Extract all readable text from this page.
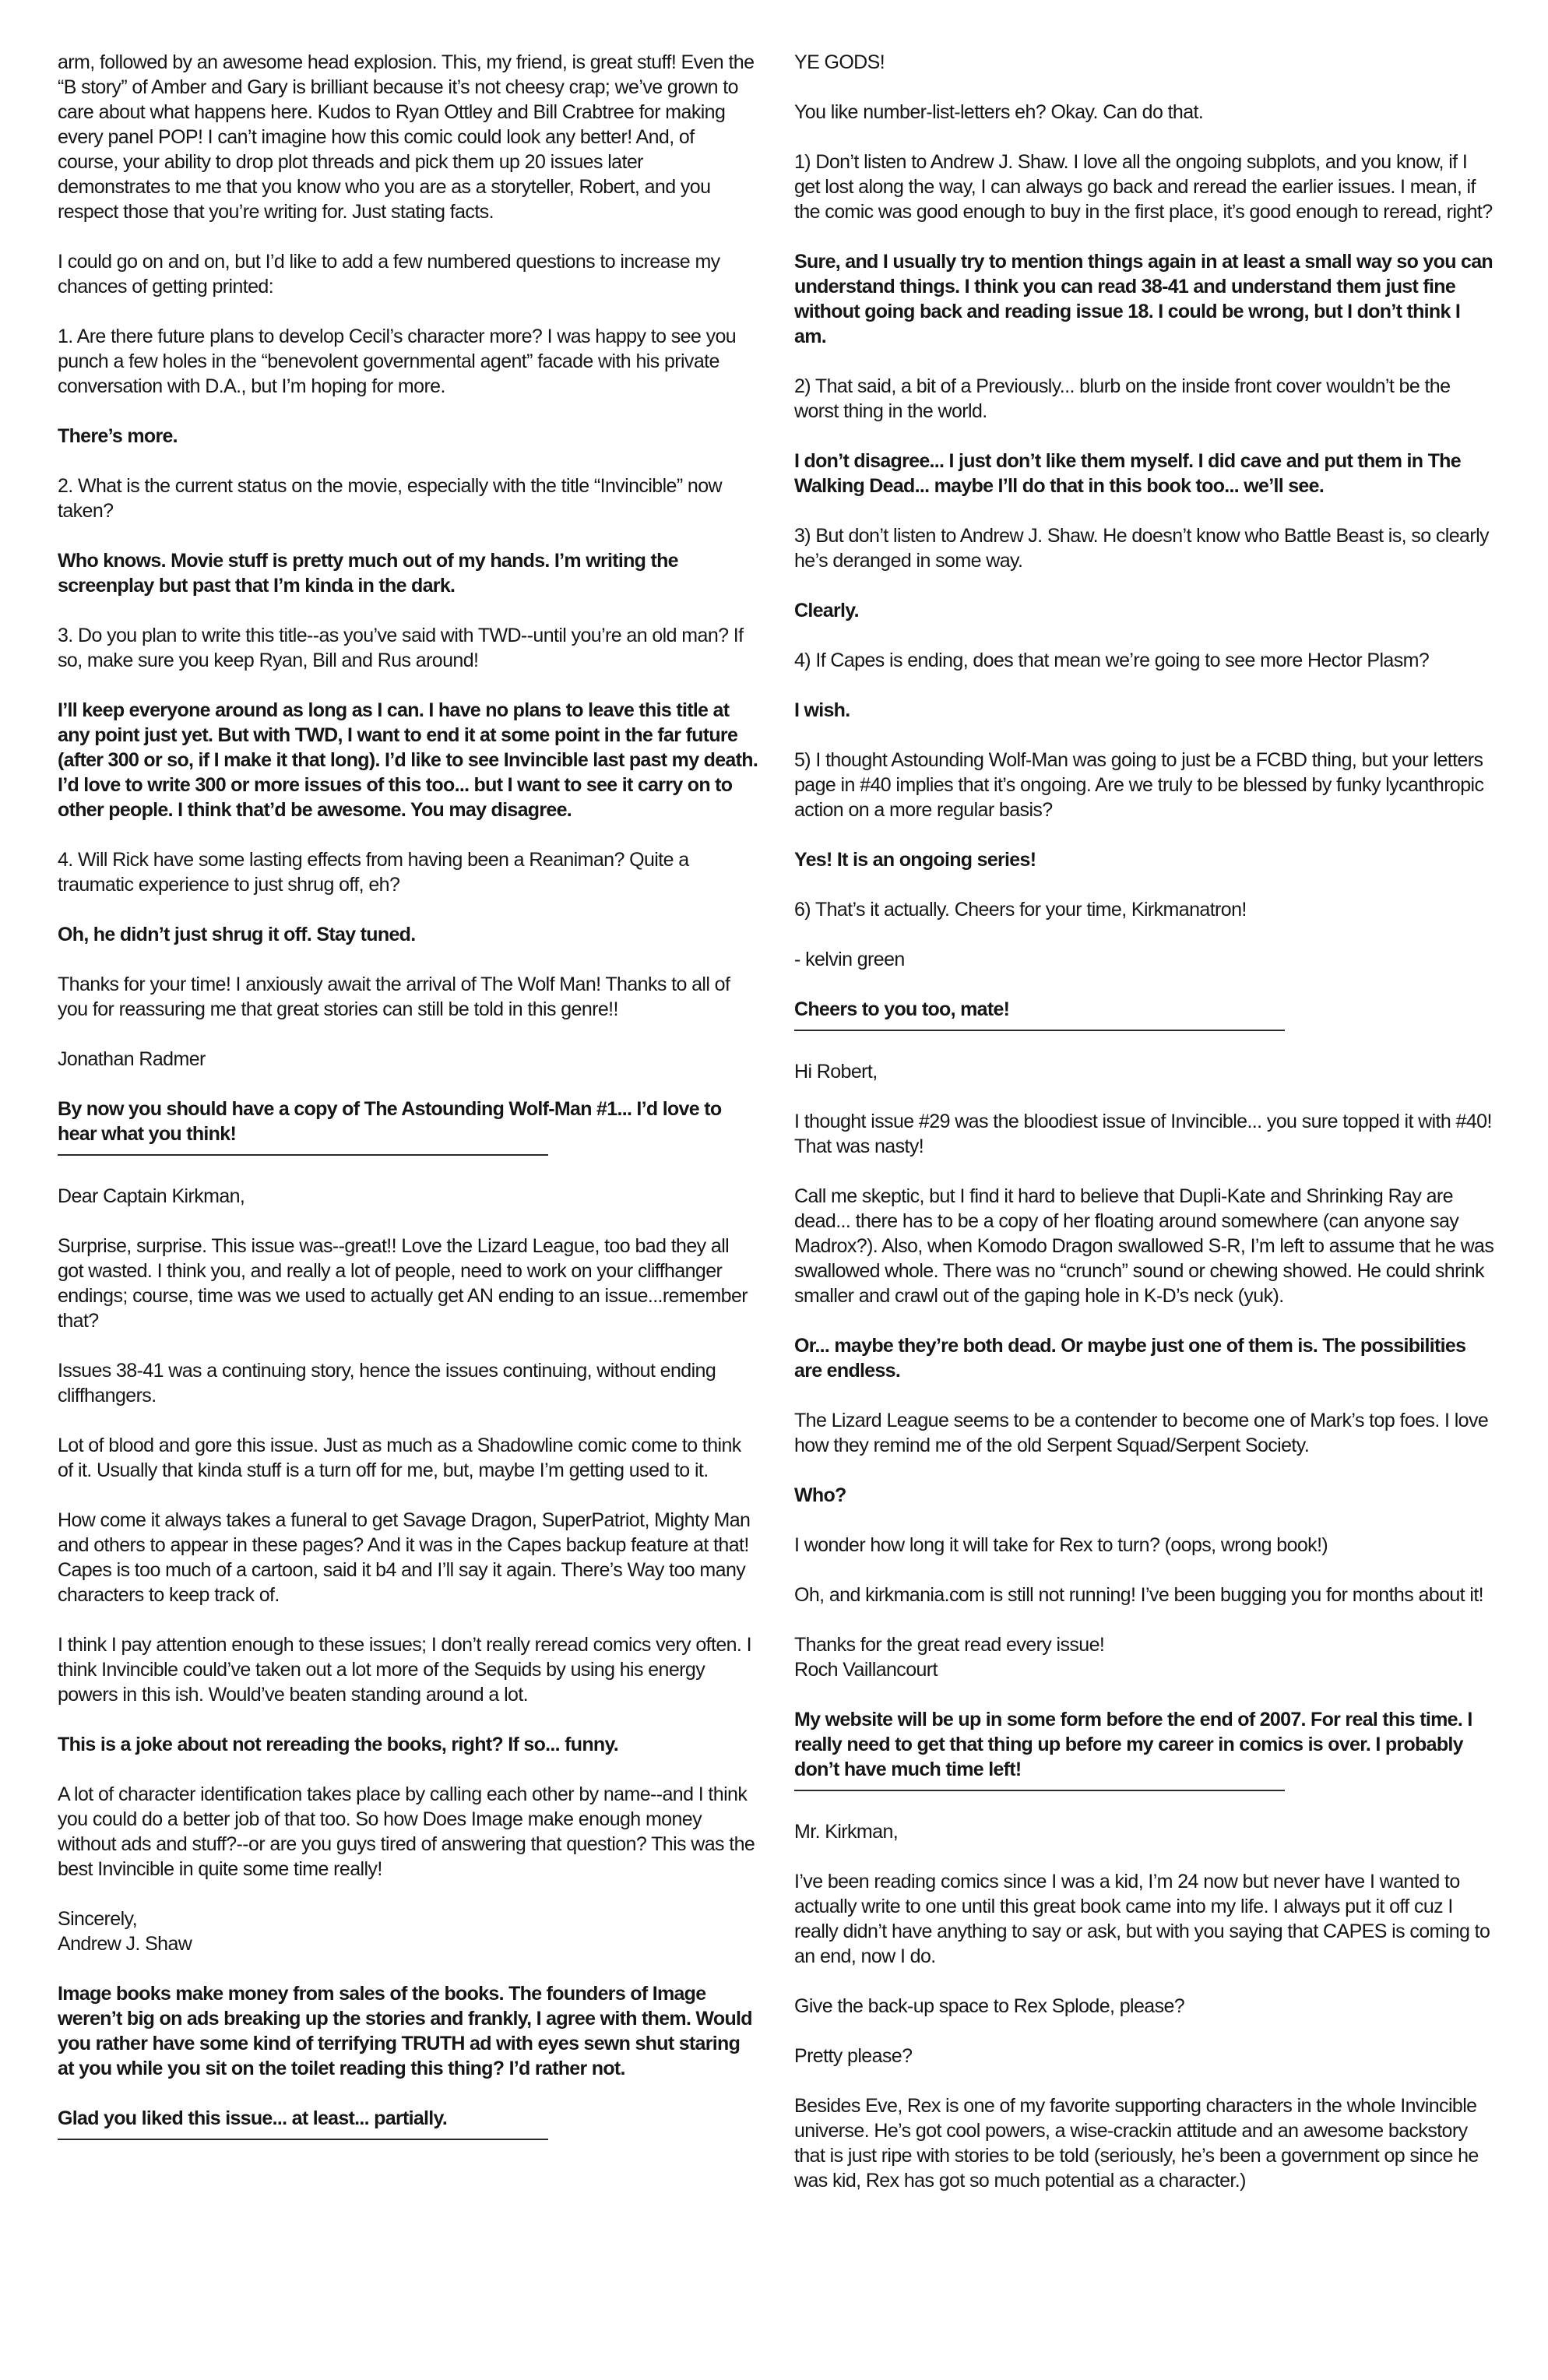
arm, followed by an awesome head explosion. This, my friend, is great stuff! Even the “B story” of Amber and Gary is brilliant because it’s not cheesy crap; we’ve grown to care about what happens here. Kudos to Ryan Ottley and Bill Crabtree for making every panel POP! I can’t imagine how this comic could look any better! And, of course, your ability to drop plot threads and pick them up 20 issues later demonstrates to me that you know who you are as a storyteller, Robert, and you respect those that you’re writing for. Just stating facts.

I could go on and on, but I’d like to add a few numbered questions to increase my chances of getting printed:

1. Are there future plans to develop Cecil’s character more? I was happy to see you punch a few holes in the “benevolent governmental agent” facade with his private conversation with D.A., but I’m hoping for more.

There’s more.

2. What is the current status on the movie, especially with the title “Invincible” now taken?

Who knows. Movie stuff is pretty much out of my hands. I’m writing the screenplay but past that I’m kinda in the dark.

3. Do you plan to write this title--as you’ve said with TWD--until you’re an old man? If so, make sure you keep Ryan, Bill and Rus around!

I’ll keep everyone around as long as I can. I have no plans to leave this title at any point just yet. But with TWD, I want to end it at some point in the far future (after 300 or so, if I make it that long). I’d like to see Invincible last past my death. I’d love to write 300 or more issues of this too... but I want to see it carry on to other people. I think that’d be awesome. You may disagree.

4. Will Rick have some lasting effects from having been a Reaniman? Quite a traumatic experience to just shrug off, eh?

Oh, he didn’t just shrug it off. Stay tuned.

Thanks for your time! I anxiously await the arrival of The Wolf Man! Thanks to all of you for reassuring me that great stories can still be told in this genre!!

Jonathan Radmer

By now you should have a copy of The Astounding Wolf-Man #1... I’d love to hear what you think!

Dear Captain Kirkman,

Surprise, surprise. This issue was--great!! Love the Lizard League, too bad they all got wasted. I think you, and really a lot of people, need to work on your cliffhanger endings; course, time was we used to actually get AN ending to an issue...remember that?

Issues 38-41 was a continuing story, hence the issues continuing, without ending cliffhangers.

Lot of blood and gore this issue. Just as much as a Shadowline comic come to think of it. Usually that kinda stuff is a turn off for me, but, maybe I’m getting used to it.

How come it always takes a funeral to get Savage Dragon, SuperPatriot, Mighty Man and others to appear in these pages? And it was in the Capes backup feature at that! Capes is too much of a cartoon, said it b4 and I’ll say it again. There’s Way too many characters to keep track of.

I think I pay attention enough to these issues; I don’t really reread comics very often. I think Invincible could’ve taken out a lot more of the Sequids by using his energy powers in this ish. Would’ve beaten standing around a lot.

This is a joke about not rereading the books, right? If so... funny.

A lot of character identification takes place by calling each other by name--and I think you could do a better job of that too. So how Does Image make enough money without ads and stuff?--or are you guys tired of answering that question? This was the best Invincible in quite some time really!

Sincerely,
Andrew J. Shaw

Image books make money from sales of the books. The founders of Image weren’t big on ads breaking up the stories and frankly, I agree with them. Would you rather have some kind of terrifying TRUTH ad with eyes sewn shut staring at you while you sit on the toilet reading this thing? I’d rather not.

Glad you liked this issue... at least... partially.

YE GODS!

You like number-list-letters eh? Okay. Can do that.

1) Don’t listen to Andrew J. Shaw. I love all the ongoing subplots, and you know, if I get lost along the way, I can always go back and reread the earlier issues. I mean, if the comic was good enough to buy in the first place, it’s good enough to reread, right?

Sure, and I usually try to mention things again in at least a small way so you can understand things. I think you can read 38-41 and understand them just fine without going back and reading issue 18. I could be wrong, but I don’t think I am.

2) That said, a bit of a Previously... blurb on the inside front cover wouldn’t be the worst thing in the world.

I don’t disagree... I just don’t like them myself. I did cave and put them in The Walking Dead... maybe I’ll do that in this book too... we’ll see.

3) But don’t listen to Andrew J. Shaw. He doesn’t know who Battle Beast is, so clearly he’s deranged in some way.

Clearly.

4) If Capes is ending, does that mean we’re going to see more Hector Plasm?

I wish.

5) I thought Astounding Wolf-Man was going to just be a FCBD thing, but your letters page in #40 implies that it’s ongoing. Are we truly to be blessed by funky lycanthropic action on a more regular basis?

Yes! It is an ongoing series!

6) That’s it actually. Cheers for your time, Kirkmanatron!

- kelvin green

Cheers to you too, mate!

Hi Robert,

I thought issue #29 was the bloodiest issue of Invincible... you sure topped it with #40! That was nasty!

Call me skeptic, but I find it hard to believe that Dupli-Kate and Shrinking Ray are dead... there has to be a copy of her floating around somewhere (can anyone say Madrox?). Also, when Komodo Dragon swallowed S-R, I’m left to assume that he was swallowed whole. There was no “crunch” sound or chewing showed. He could shrink smaller and crawl out of the gaping hole in K-D’s neck (yuk).

Or... maybe they’re both dead. Or maybe just one of them is. The possibilities are endless.

The Lizard League seems to be a contender to become one of Mark’s top foes. I love how they remind me of the old Serpent Squad/Serpent Society.

Who?

I wonder how long it will take for Rex to turn? (oops, wrong book!)

Oh, and kirkmania.com is still not running! I’ve been bugging you for months about it!

Thanks for the great read every issue!
Roch Vaillancourt

My website will be up in some form before the end of 2007. For real this time. I really need to get that thing up before my career in comics is over. I probably don’t have much time left!

Mr. Kirkman,

I’ve been reading comics since I was a kid, I’m 24 now but never have I wanted to actually write to one until this great book came into my life. I always put it off cuz I really didn’t have anything to say or ask, but with you saying that CAPES is coming to an end, now I do.

Give the back-up space to Rex Splode, please?

Pretty please?

Besides Eve, Rex is one of my favorite supporting characters in the whole Invincible universe. He’s got cool powers, a wise-crackin attitude and an awesome backstory that is just ripe with stories to be told (seriously, he’s been a government op since he was kid, Rex has got so much potential as a character.)
